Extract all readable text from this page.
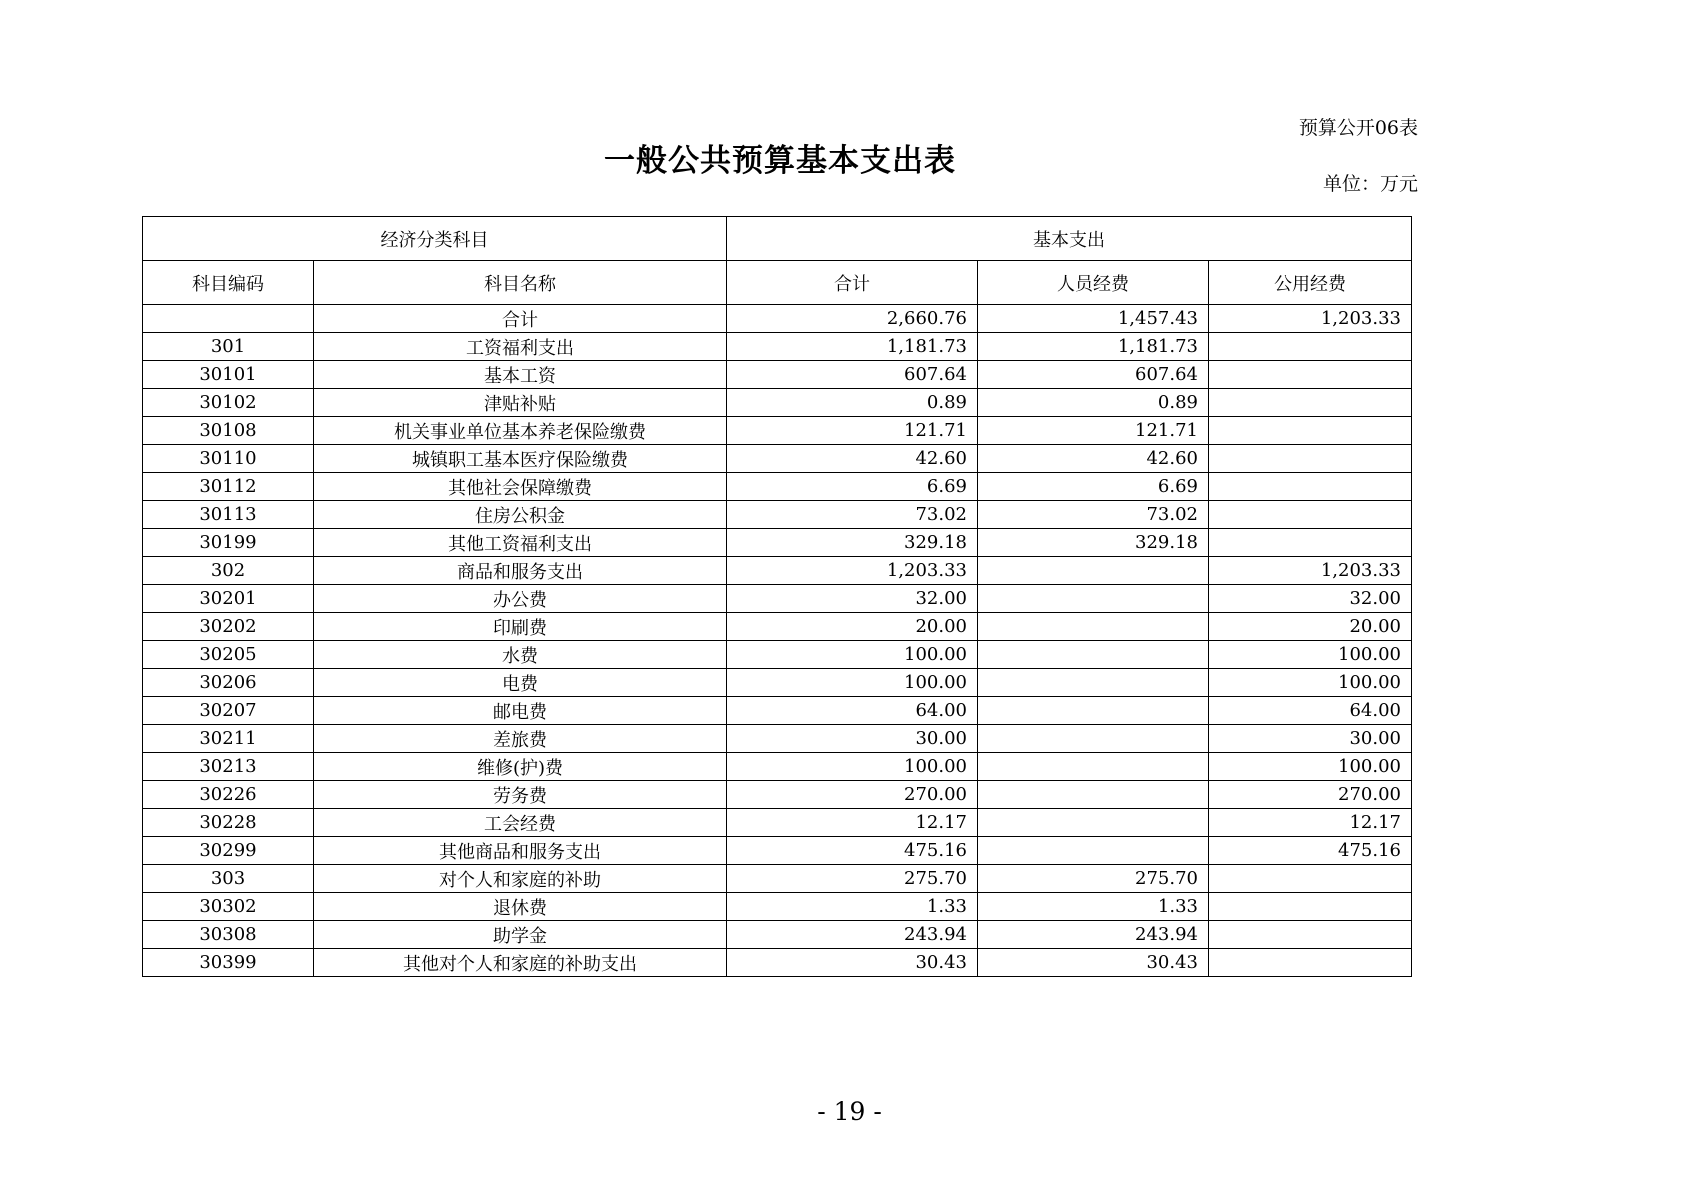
预算公开06表
一般公共预算基本支出表
单位：万元
经济分类科目		基本支出		
科目编码	科目名称	合计	人员经费	公用经费
	合计	2,660.76	1,457.43	1,203.33
301	工资福利支出	1,181.73	1,181.73	
30101	基本工资	607.64	607.64	
30102	津贴补贴	0.89	0.89	
30108	机关事业单位基本养老保险缴费	121.71	121.71	
30110	城镇职工基本医疗保险缴费	42.60	42.60	
30112	其他社会保障缴费	6.69	6.69	
30113	住房公积金	73.02	73.02	
30199	其他工资福利支出	329.18	329.18	
302	商品和服务支出	1,203.33		1,203.33
30201	办公费	32.00		32.00
30202	印刷费	20.00		20.00
30205	水费	100.00		100.00
30206	电费	100.00		100.00
30207	邮电费	64.00		64.00
30211	差旅费	30.00		30.00
30213	维修(护)费	100.00		100.00
30226	劳务费	270.00		270.00
30228	工会经费	12.17		12.17
30299	其他商品和服务支出	475.16		475.16
303	对个人和家庭的补助	275.70	275.70	
30302	退休费	1.33	1.33	
30308	助学金	243.94	243.94	
30399	其他对个人和家庭的补助支出	30.43	30.43	
- 19 -
